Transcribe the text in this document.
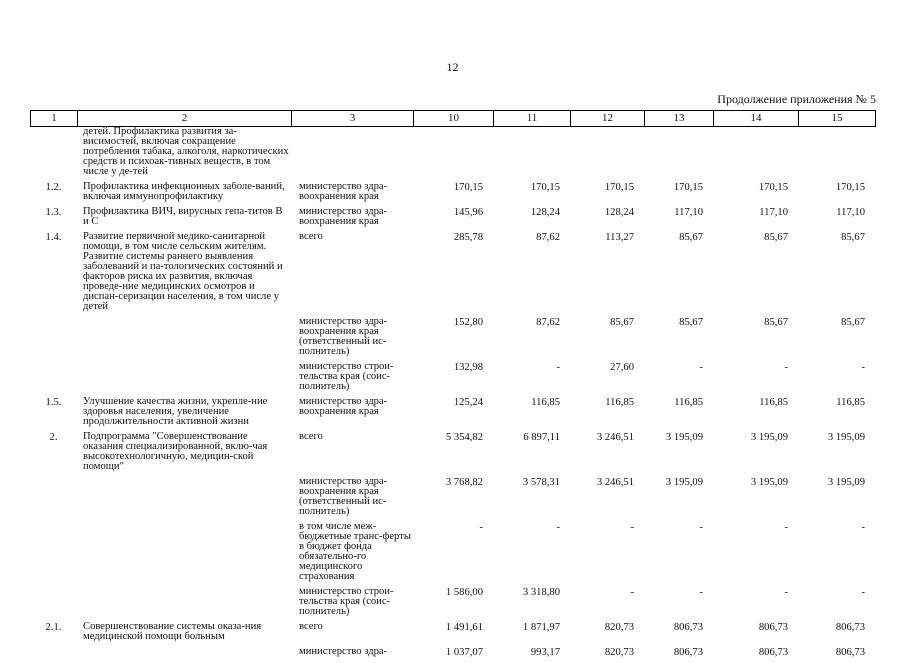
12
Продолжение приложения № 5
1	2	3	10	11	12	13	14	15
	детей. Профилактика развития за-висимостей, включая сокращение потребления табака, алкоголя, наркотических средств и психоак-тивных веществ, в том числе у де-тей							
1.2.	Профилактика инфекционных заболе-ваний, включая иммунопрофилактику	министерство здра-воохранения края	170,15	170,15	170,15	170,15	170,15	170,15
1.3.	Профилактика ВИЧ, вирусных гепа-титов В и С	министерство здра-воохранения края	145,96	128,24	128,24	117,10	117,10	117,10
1.4.	Развитие первичной медико-санитарной помощи, в том числе сельским жителям. Развитие системы раннего выявления заболеваний и па-тологических состояний и факторов риска их развития, включая проведе-ние медицинских осмотров и диспан-серизации населения, в том числе у детей	всего	285,78	87,62	113,27	85,67	85,67	85,67
		министерство здра-воохранения края (ответственный ис-полнитель)	152,80	87,62	85,67	85,67	85,67	85,67
		министерство строи-тельства края (соис-полнитель)	132,98	-	27,60	-	-	-
1.5.	Улучшение качества жизни, укрепле-ние здоровья населения, увеличение продолжительности активной жизни	министерство здра-воохранения края	125,24	116,85	116,85	116,85	116,85	116,85
2.	Подпрограмма "Совершенствование оказания специализированной, вклю-чая высокотехнологичную, медицин-ской помощи"	всего	5 354,82	6 897,11	3 246,51	3 195,09	3 195,09	3 195,09
		министерство здра-воохранения края (ответственный ис-полнитель)	3 768,82	3 578,31	3 246,51	3 195,09	3 195,09	3 195,09
		в том числе меж-бюджетные транс-ферты в бюджет фонда обязательно-го медицинского страхования	-	-	-	-	-	-
		министерство строи-тельства края (соис-полнитель)	1 586,00	3 318,80	-	-	-	-
2.1.	Совершенствование системы оказа-ния медицинской помощи больным	всего	1 491,61	1 871,97	820,73	806,73	806,73	806,73
		министерство здра-	1 037,07	993,17	820,73	806,73	806,73	806,73
